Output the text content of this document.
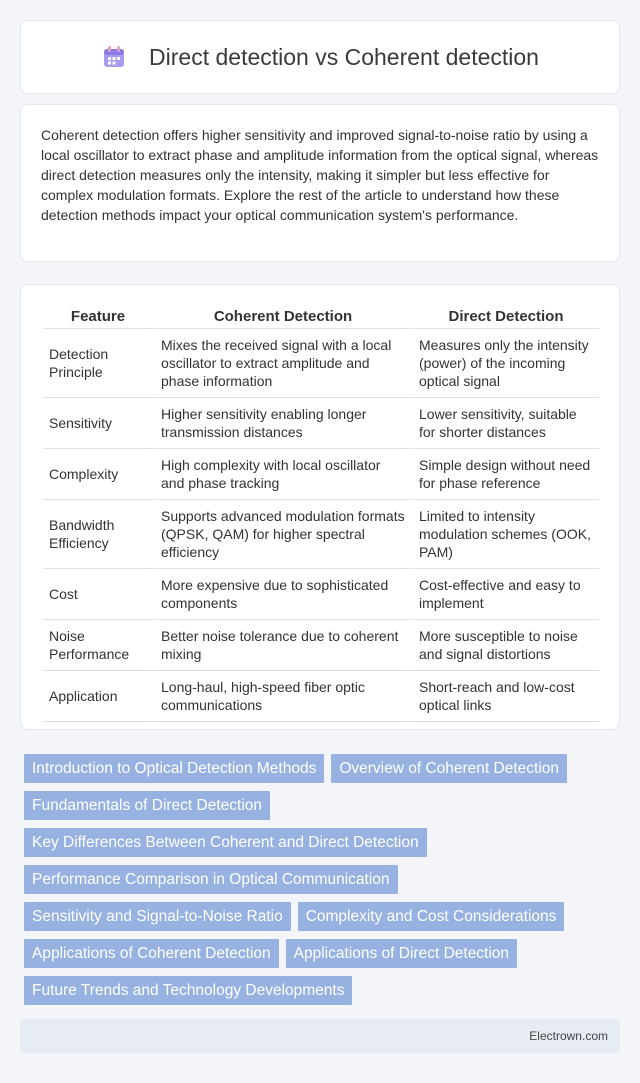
Direct detection vs Coherent detection

Coherent detection offers higher sensitivity and improved signal-to-noise ratio by using a local oscillator to extract phase and amplitude information from the optical signal, whereas direct detection measures only the intensity, making it simpler but less effective for complex modulation formats. Explore the rest of the article to understand how these detection methods impact your optical communication system's performance.

Feature	Coherent Detection	Direct Detection
Detection Principle	Mixes the received signal with a local oscillator to extract amplitude and phase information	Measures only the intensity (power) of the incoming optical signal
Sensitivity	Higher sensitivity enabling longer transmission distances	Lower sensitivity, suitable for shorter distances
Complexity	High complexity with local oscillator and phase tracking	Simple design without need for phase reference
Bandwidth Efficiency	Supports advanced modulation formats (QPSK, QAM) for higher spectral efficiency	Limited to intensity modulation schemes (OOK, PAM)
Cost	More expensive due to sophisticated components	Cost-effective and easy to implement
Noise Performance	Better noise tolerance due to coherent mixing	More susceptible to noise and signal distortions
Application	Long-haul, high-speed fiber optic communications	Short-reach and low-cost optical links
Introduction to Optical Detection Methods	Overview of Coherent Detection
Fundamentals of Direct Detection
Key Differences Between Coherent and Direct Detection
Performance Comparison in Optical Communication
Sensitivity and Signal-to-Noise Ratio	Complexity and Cost Considerations
Applications of Coherent Detection	Applications of Direct Detection
Future Trends and Technology Developments
Electrown.com
